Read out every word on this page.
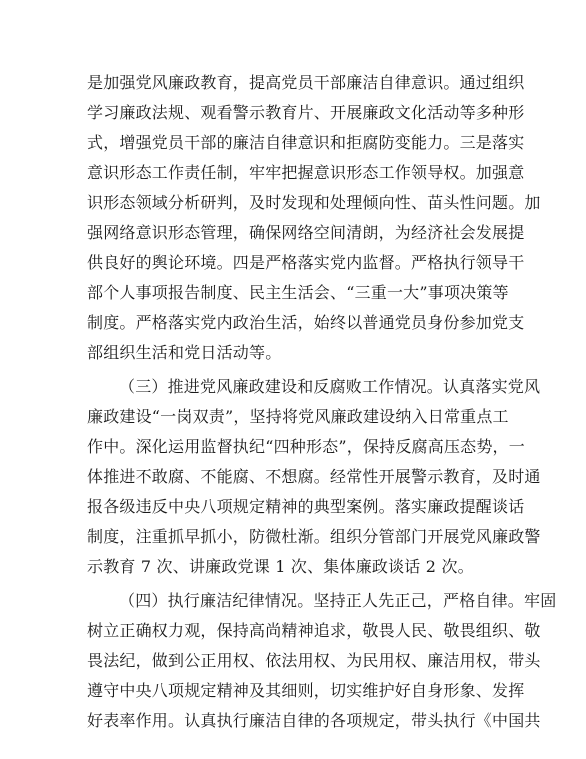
是加强党风廉政教育，提高党员干部廉洁自律意识。通过组织
学习廉政法规、观看警示教育片、开展廉政文化活动等多种形
式，增强党员干部的廉洁自律意识和拒腐防变能力。三是落实
意识形态工作责任制，牢牢把握意识形态工作领导权。加强意
识形态领域分析研判，及时发现和处理倾向性、苗头性问题。加
强网络意识形态管理，确保网络空间清朗，为经济社会发展提
供良好的舆论环境。四是严格落实党内监督。严格执行领导干
部个人事项报告制度、民主生活会、“三重一大”事项决策等
制度。严格落实党内政治生活，始终以普通党员身份参加党支
部组织生活和党日活动等。
（三）推进党风廉政建设和反腐败工作情况。认真落实党风
廉政建设“一岗双责”，坚持将党风廉政建设纳入日常重点工
作中。深化运用监督执纪“四种形态”，保持反腐高压态势，一
体推进不敢腐、不能腐、不想腐。经常性开展警示教育，及时通
报各级违反中央八项规定精神的典型案例。落实廉政提醒谈话
制度，注重抓早抓小，防微杜渐。组织分管部门开展党风廉政警
示教育 7 次、讲廉政党课 1 次、集体廉政谈话 2 次。
（四）执行廉洁纪律情况。坚持正人先正己，严格自律。牢固
树立正确权力观，保持高尚精神追求，敬畏人民、敬畏组织、敬
畏法纪，做到公正用权、依法用权、为民用权、廉洁用权，带头
遵守中央八项规定精神及其细则，切实维护好自身形象、发挥
好表率作用。认真执行廉洁自律的各项规定，带头执行《中国共
